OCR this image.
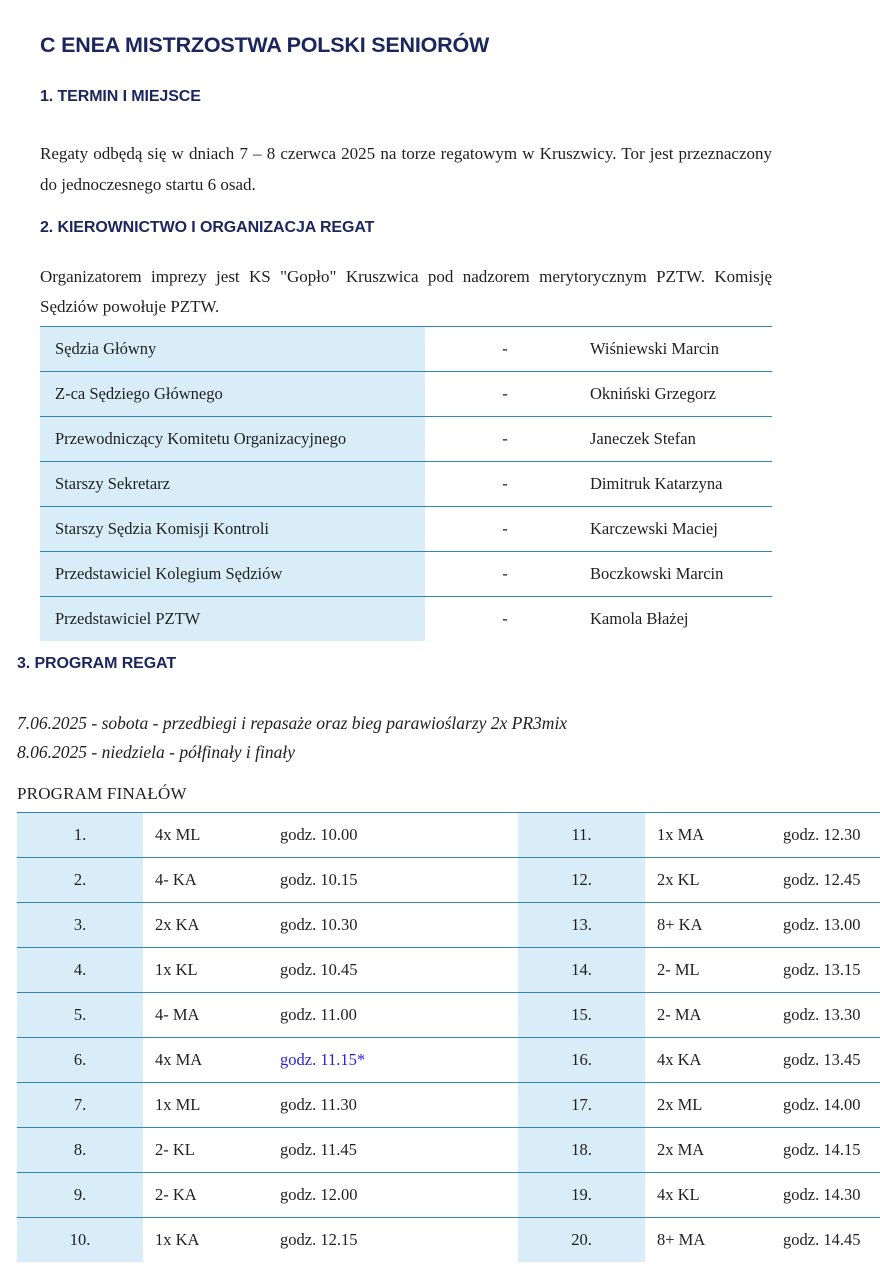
C ENEA MISTRZOSTWA POLSKI SENIORÓW
1. TERMIN I MIEJSCE

Regaty odbędą się w dniach 7 – 8 czerwca 2025 na torze regatowym w Kruszwicy. Tor jest przeznaczony do jednoczesnego startu 6 osad.

2. KIEROWNICTWO I ORGANIZACJA REGAT

Organizatorem imprezy jest KS "Gopło" Kruszwica pod nadzorem merytorycznym PZTW. Komisję Sędziów powołuje PZTW.

Sędzia Główny	-	Wiśniewski Marcin
Z-ca Sędziego Głównego	-	Okniński Grzegorz
Przewodniczący Komitetu Organizacyjnego	-	Janeczek Stefan
Starszy Sekretarz	-	Dimitruk Katarzyna
Starszy Sędzia Komisji Kontroli	-	Karczewski Maciej
Przedstawiciel Kolegium Sędziów	-	Boczkowski Marcin
Przedstawiciel PZTW	-	Kamola Błażej
3. PROGRAM REGAT
7.06.2025 - sobota - przedbiegi i repasaże oraz bieg parawioślarzy 2x PR3mix
8.06.2025 - niedziela - półfinały i finały
PROGRAM FINAŁÓW
1.	4x ML	godz. 10.00	11.	1x MA	godz. 12.30
2.	4- KA	godz. 10.15	12.	2x KL	godz. 12.45
3.	2x KA	godz. 10.30	13.	8+ KA	godz. 13.00
4.	1x KL	godz. 10.45	14.	2- ML	godz. 13.15
5.	4- MA	godz. 11.00	15.	2- MA	godz. 13.30
6.	4x MA	godz. 11.15*	16.	4x KA	godz. 13.45
7.	1x ML	godz. 11.30	17.	2x ML	godz. 14.00
8.	2- KL	godz. 11.45	18.	2x MA	godz. 14.15
9.	2- KA	godz. 12.00	19.	4x KL	godz. 14.30
10.	1x KA	godz. 12.15	20.	8+ MA	godz. 14.45
